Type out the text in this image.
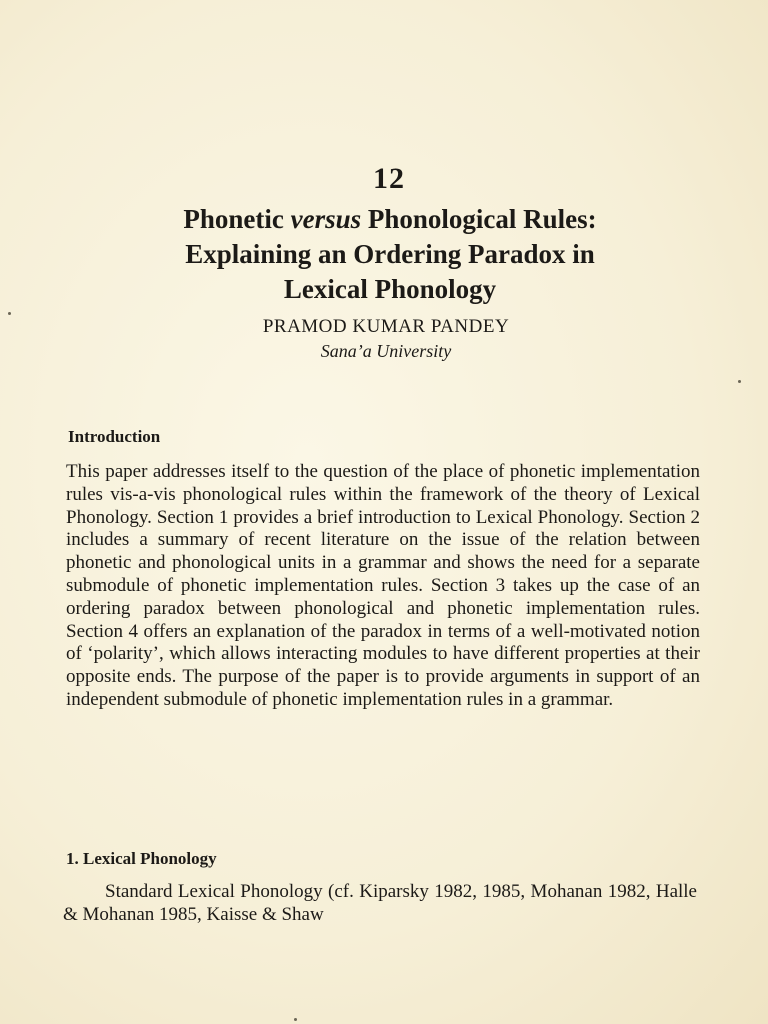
12
Phonetic versus Phonological Rules:
Explaining an Ordering Paradox in
Lexical Phonology
PRAMOD KUMAR PANDEY
Sana’a University
Introduction
This paper addresses itself to the question of the place of phonetic implementation rules vis-a-vis phonological rules within the framework of the theory of Lexical Phonology. Section 1 provides a brief introduction to Lexical Phonology. Section 2 includes a summary of recent literature on the issue of the relation between phonetic and phonological units in a grammar and shows the need for a separate submodule of phonetic implementation rules. Section 3 takes up the case of an ordering paradox between phonological and phonetic implementation rules. Section 4 offers an explanation of the paradox in terms of a well-motivated notion of ‘polarity’, which allows interacting modules to have different properties at their opposite ends. The purpose of the paper is to provide arguments in support of an independent submodule of phonetic implementation rules in a grammar.
1. Lexical Phonology
Standard Lexical Phonology (cf. Kiparsky 1982, 1985, Mohanan 1982, Halle & Mohanan 1985, Kaisse & Shaw
